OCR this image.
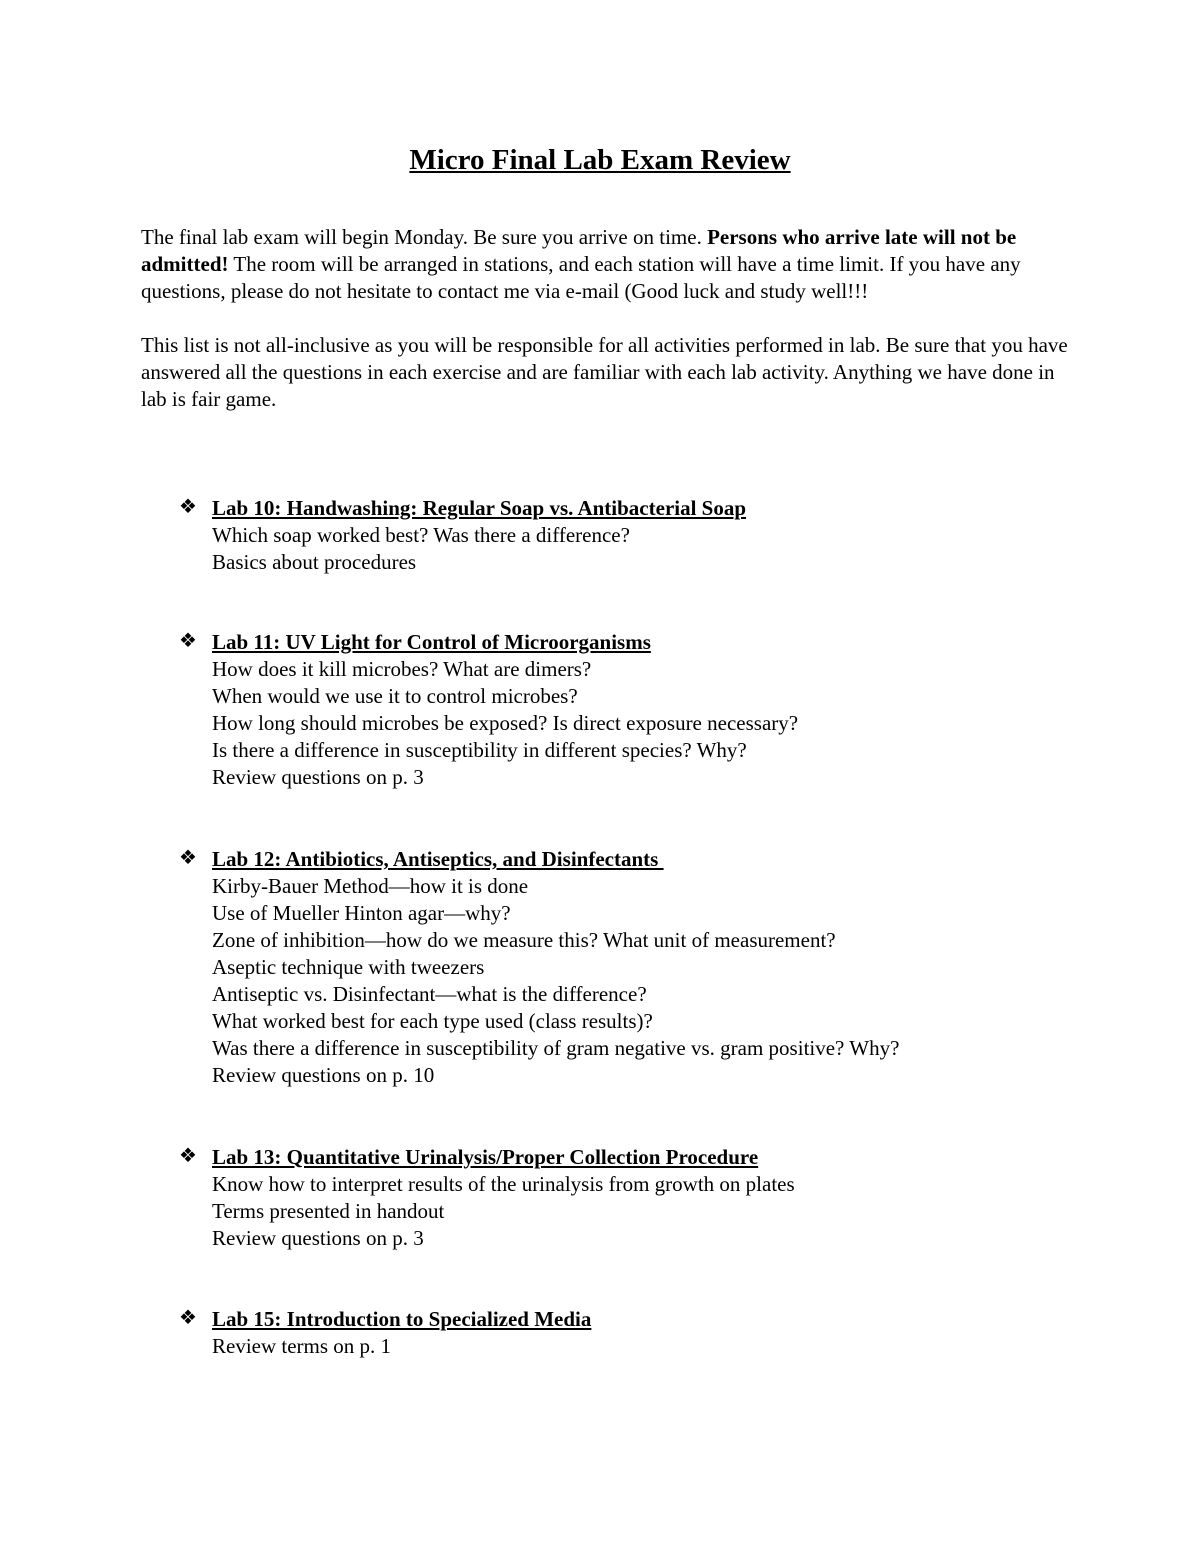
Micro Final Lab Exam Review

The final lab exam will begin Monday. Be sure you arrive on time. Persons who arrive late will not be admitted! The room will be arranged in stations, and each station will have a time limit. If you have any questions, please do not hesitate to contact me via e-mail (Good luck and study well!!!

This list is not all-inclusive as you will be responsible for all activities performed in lab. Be sure that you have answered all the questions in each exercise and are familiar with each lab activity. Anything we have done in lab is fair game.

❖ Lab 10: Handwashing: Regular Soap vs. Antibacterial Soap
Which soap worked best? Was there a difference?
Basics about procedures
❖ Lab 11: UV Light for Control of Microorganisms
How does it kill microbes? What are dimers?
When would we use it to control microbes?
How long should microbes be exposed? Is direct exposure necessary?
Is there a difference in susceptibility in different species? Why?
Review questions on p. 3
❖ Lab 12: Antibiotics, Antiseptics, and Disinfectants
Kirby-Bauer Method—how it is done
Use of Mueller Hinton agar—why?
Zone of inhibition—how do we measure this? What unit of measurement?
Aseptic technique with tweezers
Antiseptic vs. Disinfectant—what is the difference?
What worked best for each type used (class results)?
Was there a difference in susceptibility of gram negative vs. gram positive? Why?
Review questions on p. 10
❖ Lab 13: Quantitative Urinalysis/Proper Collection Procedure
Know how to interpret results of the urinalysis from growth on plates
Terms presented in handout
Review questions on p. 3
❖ Lab 15: Introduction to Specialized Media
Review terms on p. 1
